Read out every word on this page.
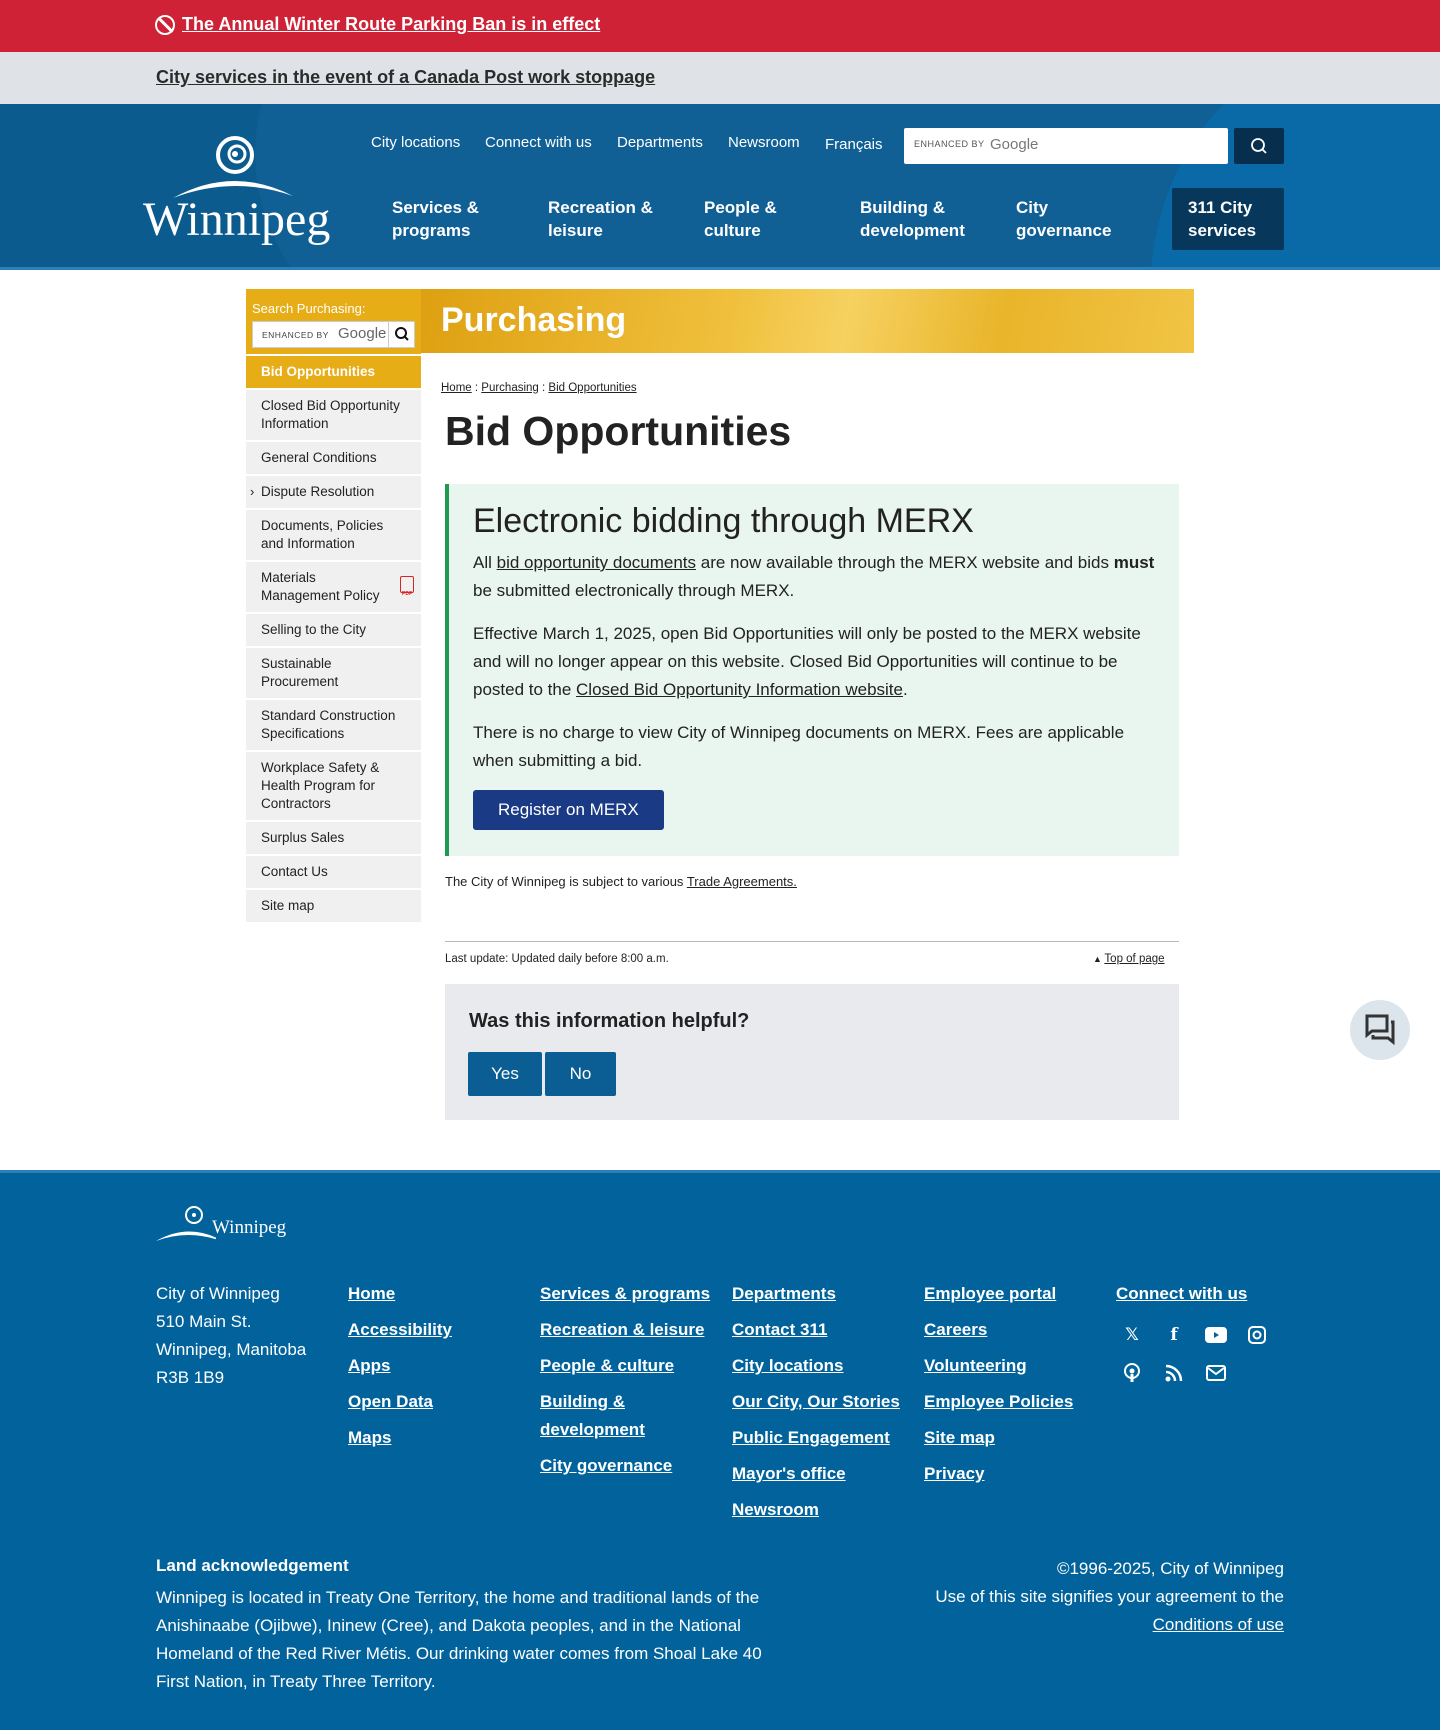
The Annual Winter Route Parking Ban is in effect
City services in the event of a Canada Post work stoppage
Winnipeg
City locations Connect with us Departments Newsroom Français	ENHANCED BY Google
Services & programs
Recreation & leisure
People & culture
Building & development
City governance
311 City services
Search Purchasing:
ENHANCED BY Google
Bid Opportunities
Closed Bid Opportunity Information
General Conditions
› Dispute Resolution
Documents, Policies and Information
Materials Management Policy	PDF
Selling to the City
Sustainable Procurement
Standard Construction Specifications
Workplace Safety & Health Program for Contractors
Surplus Sales
Contact Us
Site map
Purchasing
Home : Purchasing : Bid Opportunities
Bid Opportunities
Electronic bidding through MERX

All bid opportunity documents are now available through the MERX website and bids must be submitted electronically through MERX.

Effective March 1, 2025, open Bid Opportunities will only be posted to the MERX website and will no longer appear on this website. Closed Bid Opportunities will continue to be posted to the Closed Bid Opportunity Information website.

There is no charge to view City of Winnipeg documents on MERX. Fees are applicable when submitting a bid.

Register on MERX
The City of Winnipeg is subject to various Trade Agreements.
Last update: Updated daily before 8:00 a.m.	▲ Top of page
Was this information helpful?
Yes	No
Winnipeg
City of Winnipeg
510 Main St.
Winnipeg, Manitoba
R3B 1B9
Home
Accessibility
Apps
Open Data
Maps
Services & programs
Recreation & leisure
People & culture
Building & development
City governance
Departments
Contact 311
City locations
Our City, Our Stories
Public Engagement
Mayor's office
Newsroom
Employee portal
Careers
Volunteering
Employee Policies
Site map
Privacy
Connect with us
𝕏	f
Land acknowledgement

Winnipeg is located in Treaty One Territory, the home and traditional lands of the Anishinaabe (Ojibwe), Ininew (Cree), and Dakota peoples, and in the National Homeland of the Red River Métis. Our drinking water comes from Shoal Lake 40 First Nation, in Treaty Three Territory.

©1996-2025, City of Winnipeg
Use of this site signifies your agreement to the
Conditions of use
